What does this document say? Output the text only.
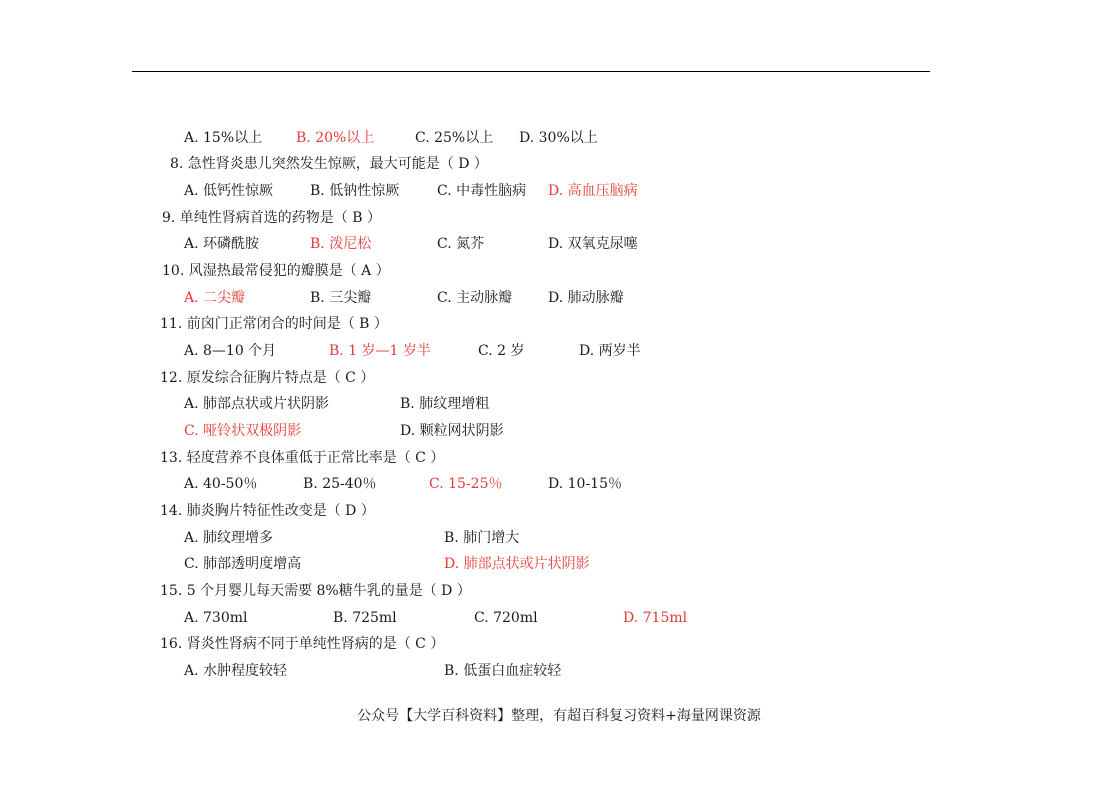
A. 15%以上 B. 20%以上	C. 25%以上 D. 30%以上
8. 急性肾炎患儿突然发生惊厥，最大可能是（ D ）
A. 低钙性惊厥	B. 低钠性惊厥	C. 中毒性脑病 D. 高血压脑病
9. 单纯性肾病首选的药物是（ B ）
A. 环磷酰胺	B. 泼尼松	C. 氮芥	D. 双氧克尿噻
10. 风湿热最常侵犯的瓣膜是（ A ）
A. 二尖瓣	B. 三尖瓣	C. 主动脉瓣	D. 肺动脉瓣
11. 前囟门正常闭合的时间是（ B ）
A. 8—10 个月	B. 1 岁—1 岁半	C. 2 岁	D. 两岁半
12. 原发综合征胸片特点是（ C ）
A. 肺部点状或片状阴影	B. 肺纹理增粗
C. 哑铃状双极阴影	D. 颗粒网状阴影
13. 轻度营养不良体重低于正常比率是（ C ）
A. 40-50％	B. 25-40％	C. 15-25％	D. 10-15％
14. 肺炎胸片特征性改变是（ D ）
A. 肺纹理增多	B. 肺门增大
C. 肺部透明度增高	D. 肺部点状或片状阴影
15. 5 个月婴儿每天需要 8%糖牛乳的量是（ D ）
A. 730ml	B. 725ml	C. 720ml	D. 715ml
16. 肾炎性肾病不同于单纯性肾病的是（ C ）
A. 水肿程度较轻	B. 低蛋白血症较轻
公众号【大学百科资料】整理，有超百科复习资料+海量网课资源
